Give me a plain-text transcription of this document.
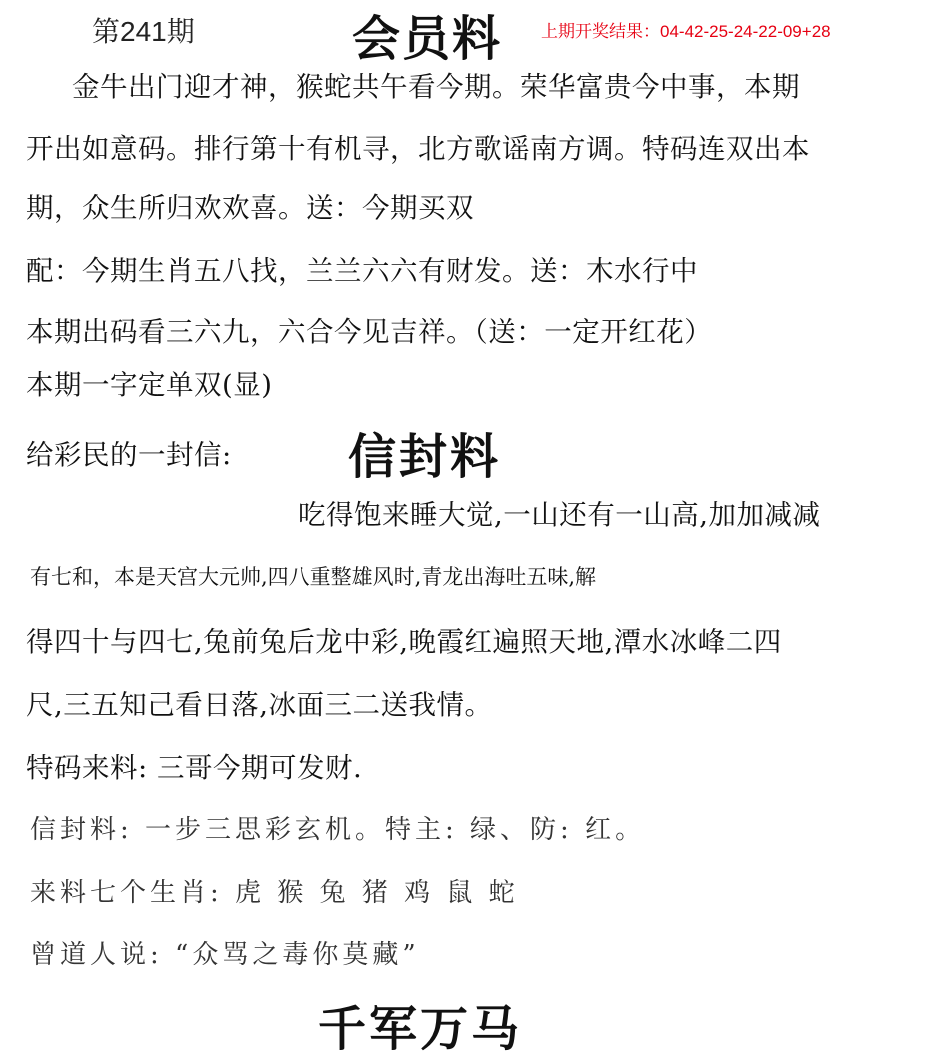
第241期	会员料 上期开奖结果：04-42-25-24-22-09+28
金牛出门迎才神，猴蛇共午看今期。荣华富贵今中事，本期
开出如意码。排行第十有机寻，北方歌谣南方调。特码连双出本
期，众生所归欢欢喜。送：今期买双
配：今期生肖五八找，兰兰六六有财发。送：木水行中
本期出码看三六九，六合今见吉祥。（送：一定开红花）
本期一字定单双(显)
给彩民的一封信: 信封料
吃得饱来睡大觉,一山还有一山高,加加减减
有七和，本是天宫大元帅,四八重整雄风时,青龙出海吐五味,解
得四十与四七,兔前兔后龙中彩,晚霞红遍照天地,潭水冰峰二四
尺,三五知己看日落,冰面三二送我情。
特码来料: 三哥今期可发财.
信封料: 一步三思彩玄机。特主: 绿、防: 红。
来料七个生肖: 虎 猴 兔 猪 鸡 鼠 蛇
曾道人说: “众骂之毒你莫藏”
千军万马
